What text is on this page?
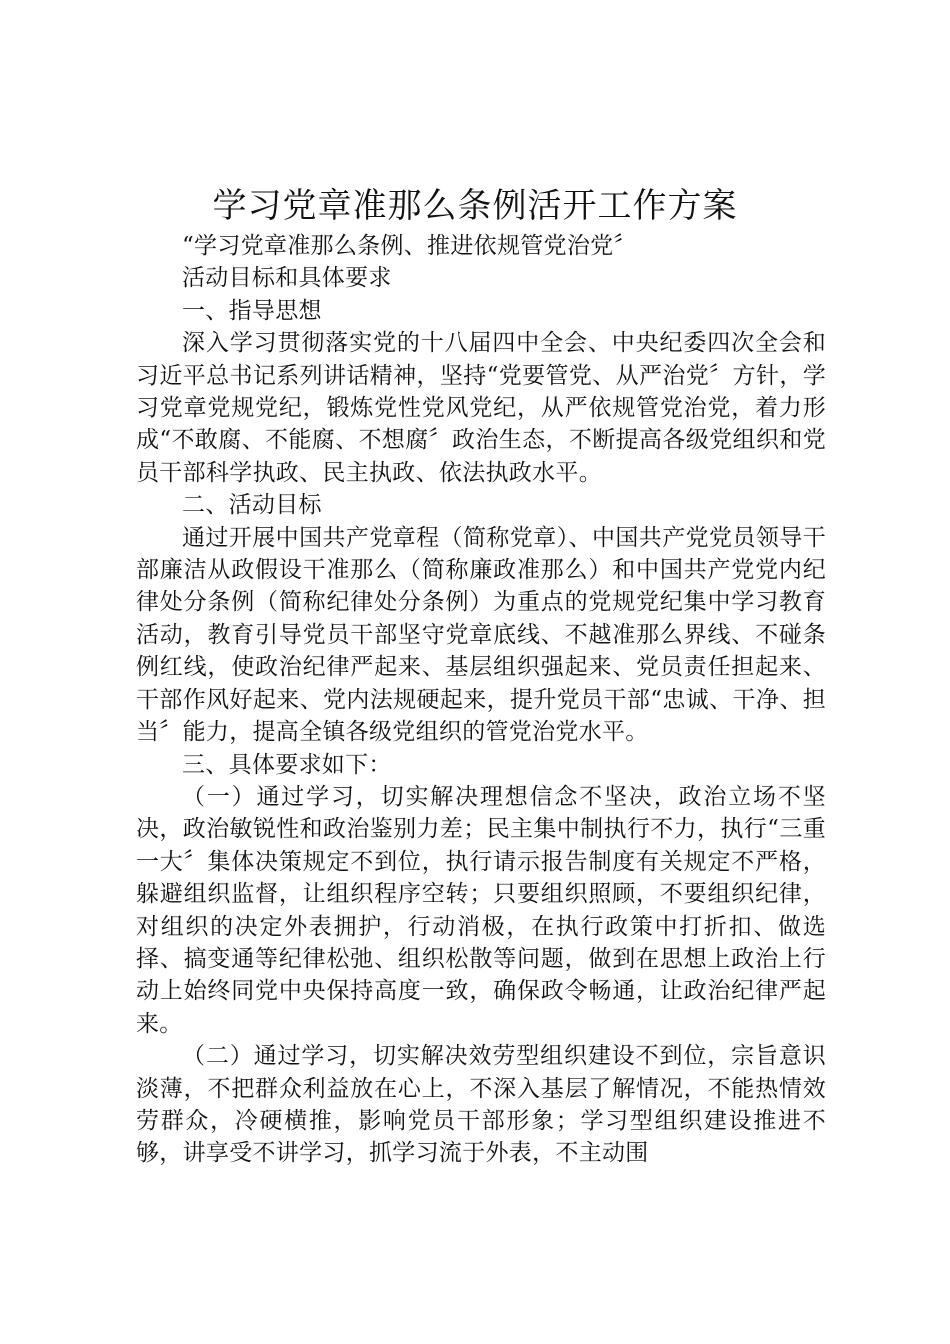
学习党章准那么条例活开工作方案

“学习党章准那么条例、推进依规管党治党〞

活动目标和具体要求

一、指导思想

深入学习贯彻落实党的十八届四中全会、中央纪委四次全会和习近平总书记系列讲话精神，坚持“党要管党、从严治党〞方针，学习党章党规党纪，锻炼党性党风党纪，从严依规管党治党，着力形成“不敢腐、不能腐、不想腐〞政治生态，不断提高各级党组织和党员干部科学执政、民主执政、依法执政水平。

二、活动目标

通过开展中国共产党章程（简称党章）、中国共产党党员领导干部廉洁从政假设干准那么（简称廉政准那么）和中国共产党党内纪律处分条例（简称纪律处分条例）为重点的党规党纪集中学习教育活动，教育引导党员干部坚守党章底线、不越准那么界线、不碰条例红线，使政治纪律严起来、基层组织强起来、党员责任担起来、干部作风好起来、党内法规硬起来，提升党员干部“忠诚、干净、担当〞能力，提高全镇各级党组织的管党治党水平。

三、具体要求如下：

（一）通过学习，切实解决理想信念不坚决，政治立场不坚决，政治敏锐性和政治鉴别力差；民主集中制执行不力，执行“三重一大〞集体决策规定不到位，执行请示报告制度有关规定不严格，躲避组织监督，让组织程序空转；只要组织照顾，不要组织纪律，对组织的决定外表拥护，行动消极，在执行政策中打折扣、做选择、搞变通等纪律松弛、组织松散等问题，做到在思想上政治上行动上始终同党中央保持高度一致，确保政令畅通，让政治纪律严起来。

（二）通过学习，切实解决效劳型组织建设不到位，宗旨意识淡薄，不把群众利益放在心上，不深入基层了解情况，不能热情效劳群众，冷硬横推，影响党员干部形象；学习型组织建设推进不够，讲享受不讲学习，抓学习流于外表，不主动围
